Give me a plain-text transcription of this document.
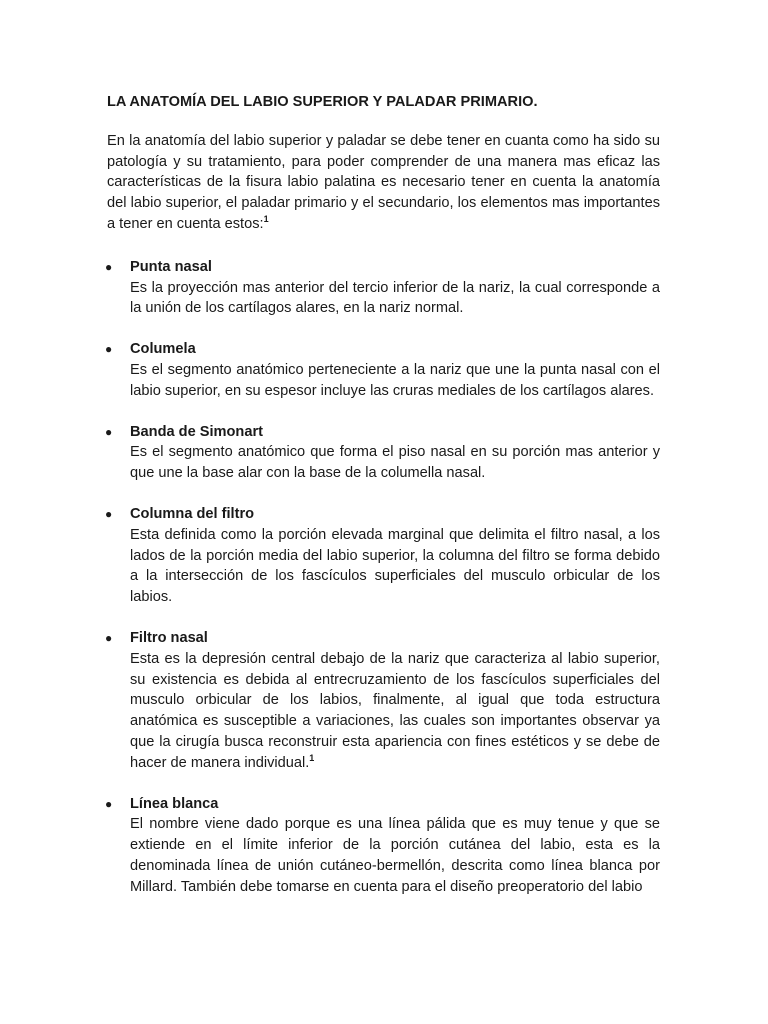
LA ANATOMÍA DEL LABIO SUPERIOR Y PALADAR PRIMARIO.

En la anatomía del labio superior y paladar se debe tener en cuanta como ha sido su patología y su tratamiento, para poder comprender de una manera mas eficaz las características de la fisura labio palatina es necesario tener en cuenta la anatomía del labio superior, el paladar primario y el secundario, los elementos mas importantes a tener en cuenta estos:$^1$

● Punta nasal
Es la proyección mas anterior del tercio inferior de la nariz, la cual corresponde a la unión de los cartílagos alares, en la nariz normal.
● Columela
Es el segmento anatómico perteneciente a la nariz que une la punta nasal con el labio superior, en su espesor incluye las cruras mediales de los cartílagos alares.
● Banda de Simonart
Es el segmento anatómico que forma el piso nasal en su porción mas anterior y que une la base alar con la base de la columella nasal.
● Columna del filtro
Esta definida como la porción elevada marginal que delimita el filtro nasal, a los lados de la porción media del labio superior, la columna del filtro se forma debido a la intersección de los fascículos superficiales del musculo orbicular de los labios.
● Filtro nasal
Esta es la depresión central debajo de la nariz que caracteriza al labio superior, su existencia es debida al entrecruzamiento de los fascículos superficiales del musculo orbicular de los labios, finalmente, al igual que toda estructura anatómica es susceptible a variaciones, las cuales son importantes observar ya que la cirugía busca reconstruir esta apariencia con fines estéticos y se debe de hacer de manera individual.$^1$
● Línea blanca
El nombre viene dado porque es una línea pálida que es muy tenue y que se extiende en el límite inferior de la porción cutánea del labio, esta es la denominada línea de unión cutáneo-bermellón, descrita como línea blanca por Millard. También debe tomarse en cuenta para el diseño preoperatorio del labio
